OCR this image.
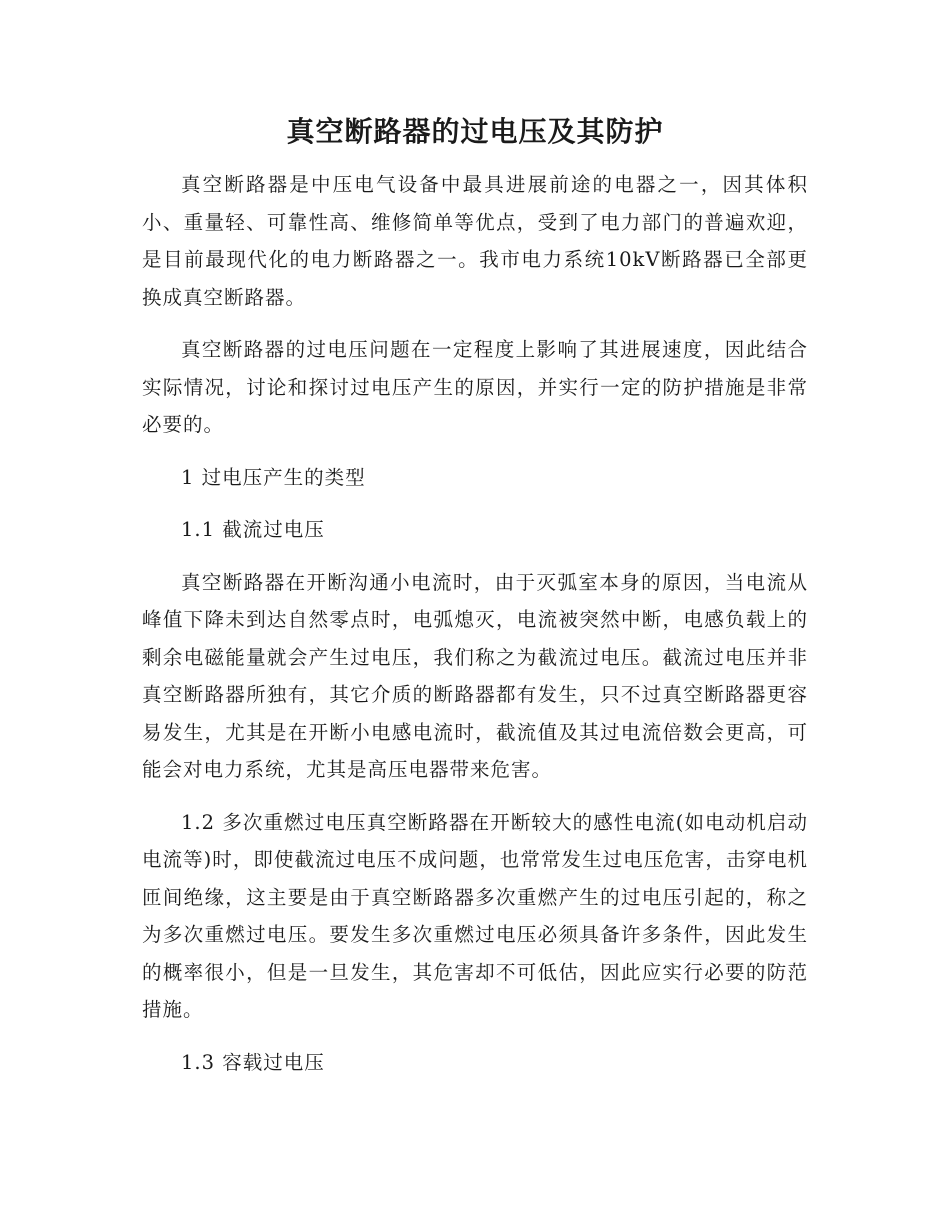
真空断路器的过电压及其防护

真空断路器是中压电气设备中最具进展前途的电器之一，因其体积小、重量轻、可靠性高、维修简单等优点，受到了电力部门的普遍欢迎，是目前最现代化的电力断路器之一。我市电力系统10kV断路器已全部更换成真空断路器。

真空断路器的过电压问题在一定程度上影响了其进展速度，因此结合实际情况，讨论和探讨过电压产生的原因，并实行一定的防护措施是非常必要的。

1 过电压产生的类型

1.1 截流过电压

真空断路器在开断沟通小电流时，由于灭弧室本身的原因，当电流从峰值下降未到达自然零点时，电弧熄灭，电流被突然中断，电感负载上的剩余电磁能量就会产生过电压，我们称之为截流过电压。截流过电压并非真空断路器所独有，其它介质的断路器都有发生，只不过真空断路器更容易发生，尤其是在开断小电感电流时，截流值及其过电流倍数会更高，可能会对电力系统，尤其是高压电器带来危害。

1.2 多次重燃过电压真空断路器在开断较大的感性电流(如电动机启动电流等)时，即使截流过电压不成问题，也常常发生过电压危害，击穿电机匝间绝缘，这主要是由于真空断路器多次重燃产生的过电压引起的，称之为多次重燃过电压。要发生多次重燃过电压必须具备许多条件，因此发生的概率很小，但是一旦发生，其危害却不可低估，因此应实行必要的防范措施。

1.3 容载过电压
